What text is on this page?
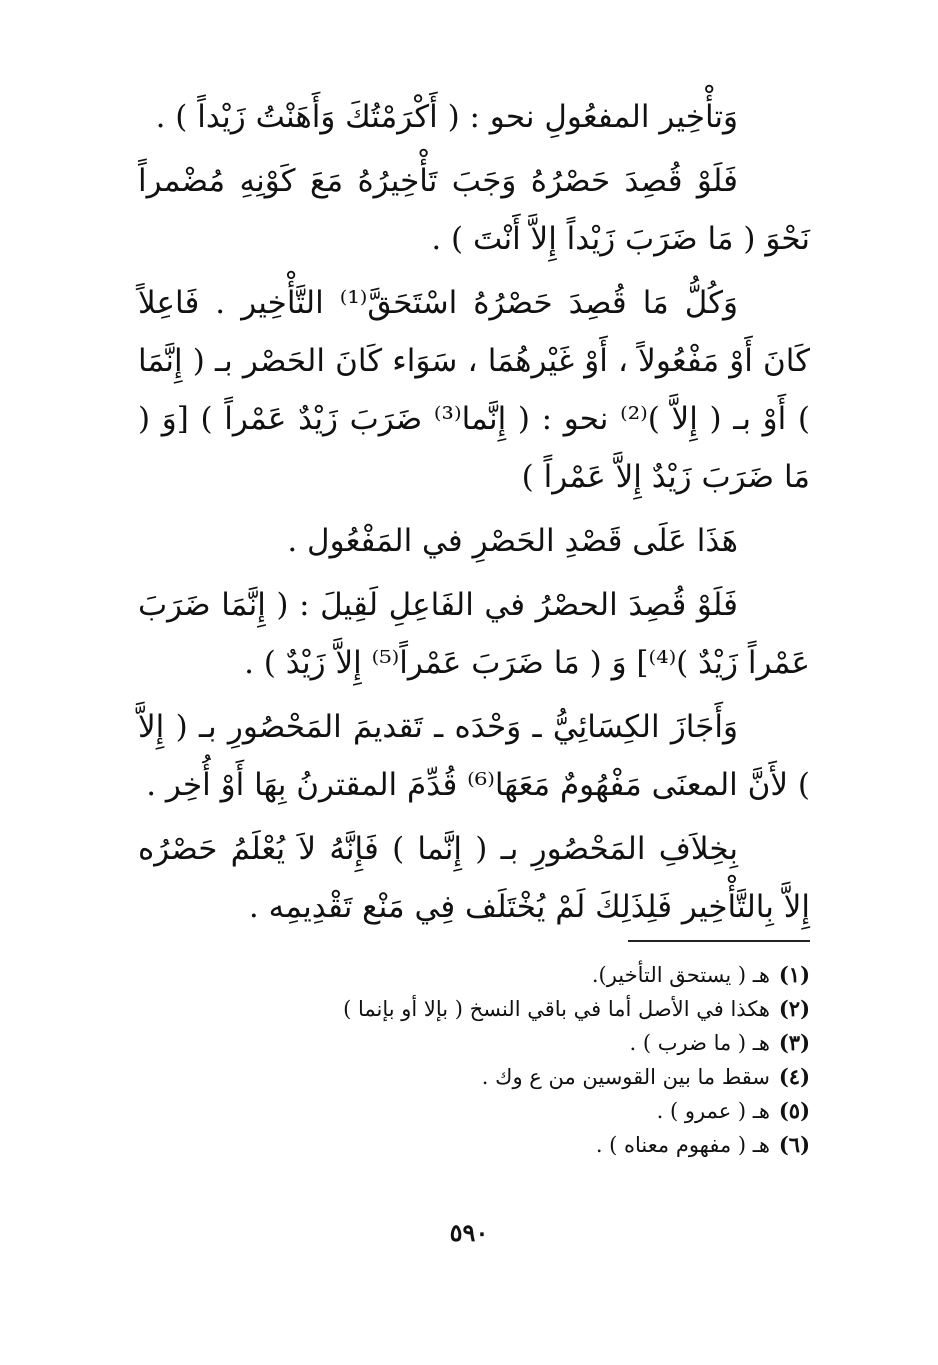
وَتأْخِير المفعُولِ نحو : ( أَكْرَمْتُكَ وَأَهَنْتُ زَيْداً ) .

فَلَوْ قُصِدَ حَصْرُهُ وَجَبَ تَأْخِيرُهُ مَعَ كَوْنِهِ مُضْمراً نَحْوَ ( مَا ضَرَبَ زَيْداً إِلاَّ أَنْتَ ) .

وَكُلُّ مَا قُصِدَ حَصْرُهُ اسْتَحَقَّ⁽¹⁾ التَّأْخِير . فَاعِلاً كَانَ أَوْ مَفْعُولاً ، أَوْ غَيْرهُمَا ، سَوَاء كَانَ الحَصْر بـ ( إِنَّمَا ) أَوْ بـ ( إِلاَّ )⁽²⁾ نحو : ( إِنَّما⁽³⁾ ضَرَبَ زَيْدٌ عَمْراً ) [وَ ( مَا ضَرَبَ زَيْدٌ إِلاَّ عَمْراً )

هَذَا عَلَى قَصْدِ الحَصْرِ في المَفْعُول .

فَلَوْ قُصِدَ الحصْرُ في الفَاعِلِ لَقِيلَ : ( إِنَّمَا ضَرَبَ عَمْراً زَيْدٌ )⁽⁴⁾] وَ ( مَا ضَرَبَ عَمْراً⁽⁵⁾ إِلاَّ زَيْدٌ ) .

وَأَجَازَ الكِسَائِيُّ ـ وَحْدَه ـ تَقديمَ المَحْصُورِ بـ ( إِلاَّ ) لأَنَّ المعنَى مَفْهُومٌ مَعَهَا⁽⁶⁾ قُدِّمَ المقترنُ بِهَا أَوْ أُخِر .

بِخِلاَفِ المَحْصُورِ بـ ( إِنَّما ) فَإِنَّهُ لاَ يُعْلَمُ حَصْرُه إِلاَّ بِالتَّأْخِير فَلِذَلِكَ لَمْ يُخْتَلَف فِي مَنْع تَقْدِيمِه .

(١)
هـ ( يستحق التأخير).
(٢)
هكذا في الأصل أما في باقي النسخ ( بإلا أو بإنما )
(٣)
هـ ( ما ضرب ) .
(٤)
سقط ما بين القوسين من ع وك .
(٥)
هـ ( عمرو ) .
(٦)
هـ ( مفهوم معناه ) .
٥٩٠
